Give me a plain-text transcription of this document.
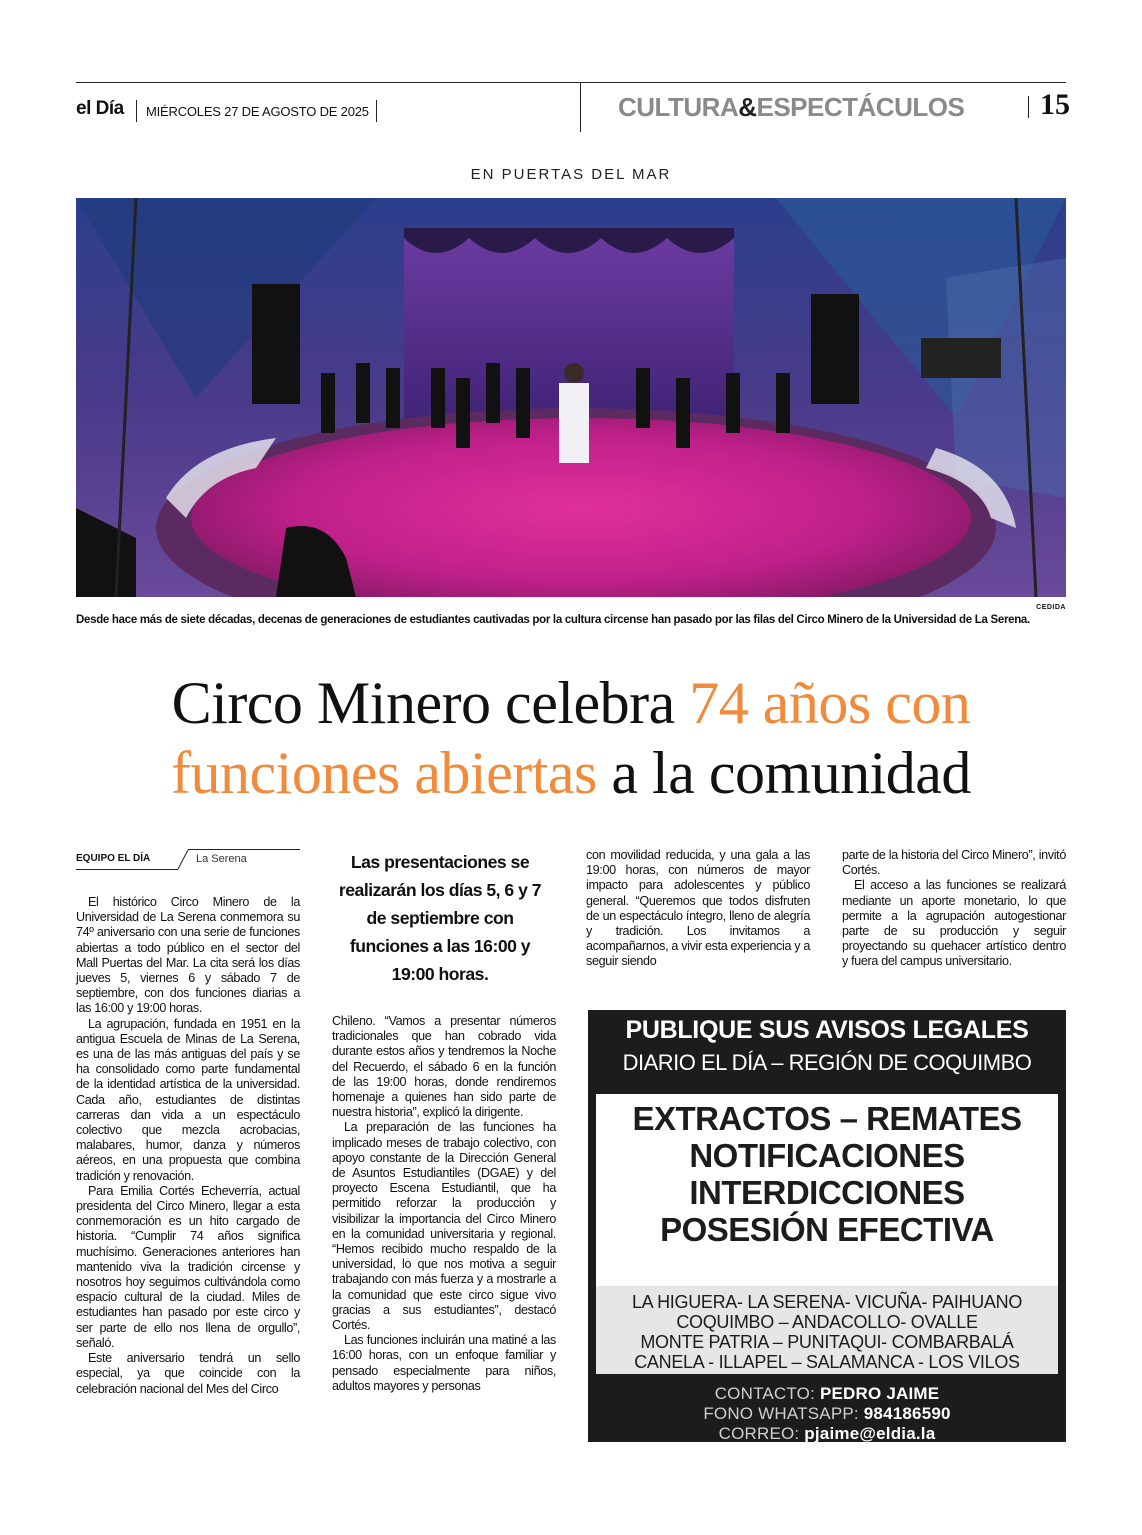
el Día MIÉRCOLES 27 DE AGOSTO DE 2025	CULTURA&ESPECTÁCULOS	15
EN PUERTAS DEL MAR
CEDIDA
Desde hace más de siete décadas, decenas de generaciones de estudiantes cautivadas por la cultura circense han pasado por las filas del Circo Minero de la Universidad de La Serena.
Circo Minero celebra 74 años con
funciones abiertas a la comunidad
EQUIPO EL DÍA	La Serena

El histórico Circo Minero de la Universidad de La Serena conmemora su 74º aniversario con una serie de funciones abiertas a todo público en el sector del Mall Puertas del Mar. La cita será los días jueves 5, viernes 6 y sábado 7 de septiembre, con dos funciones diarias a las 16:00 y 19:00 horas.

La agrupación, fundada en 1951 en la antigua Escuela de Minas de La Serena, es una de las más antiguas del país y se ha consolidado como parte fundamental de la identidad artística de la universidad. Cada año, estudiantes de distintas carreras dan vida a un espectáculo colectivo que mezcla acrobacias, malabares, humor, danza y números aéreos, en una propuesta que combina tradición y renovación.

Para Emilia Cortés Echeverría, actual presidenta del Circo Minero, llegar a esta conmemoración es un hito cargado de historia. “Cumplir 74 años significa muchísimo. Generaciones anteriores han mantenido viva la tradición circense y nosotros hoy seguimos cultivándola como espacio cultural de la ciudad. Miles de estudiantes han pasado por este circo y ser parte de ello nos llena de orgullo”, señaló.

Este aniversario tendrá un sello especial, ya que coincide con la celebración nacional del Mes del Circo

Las presentaciones se realizarán los días 5, 6 y 7 de septiembre con funciones a las 16:00 y 19:00 horas.

Chileno. “Vamos a presentar números tradicionales que han cobrado vida durante estos años y tendremos la Noche del Recuerdo, el sábado 6 en la función de las 19:00 horas, donde rendiremos homenaje a quienes han sido parte de nuestra historia”, explicó la dirigente.

La preparación de las funciones ha implicado meses de trabajo colectivo, con apoyo constante de la Dirección General de Asuntos Estudiantiles (DGAE) y del proyecto Escena Estudiantil, que ha permitido reforzar la producción y visibilizar la importancia del Circo Minero en la comunidad universitaria y regional. “Hemos recibido mucho respaldo de la universidad, lo que nos motiva a seguir trabajando con más fuerza y a mostrarle a la comunidad que este circo sigue vivo gracias a sus estudiantes”, destacó Cortés.

Las funciones incluirán una matiné a las 16:00 horas, con un enfoque familiar y pensado especialmente para niños, adultos mayores y personas

con movilidad reducida, y una gala a las 19:00 horas, con números de mayor impacto para adolescentes y público general. “Queremos que todos disfruten de un espectáculo íntegro, lleno de alegría y tradición. Los invitamos a acompañarnos, a vivir esta experiencia y a seguir siendo

parte de la historia del Circo Minero”, invitó Cortés.

El acceso a las funciones se realizará mediante un aporte monetario, lo que permite a la agrupación autogestionar parte de su producción y seguir proyectando su quehacer artístico dentro y fuera del campus universitario.

PUBLIQUE SUS AVISOS LEGALES
DIARIO EL DÍA – REGIÓN DE COQUIMBO
EXTRACTOS – REMATES
NOTIFICACIONES
INTERDICCIONES
POSESIÓN EFECTIVA
LA HIGUERA- LA SERENA- VICUÑA- PAIHUANO
COQUIMBO – ANDACOLLO- OVALLE
MONTE PATRIA – PUNITAQUI- COMBARBALÁ
CANELA - ILLAPEL – SALAMANCA - LOS VILOS
CONTACTO: PEDRO JAIME
FONO WHATSAPP: 984186590
CORREO: pjaime@eldia.la
